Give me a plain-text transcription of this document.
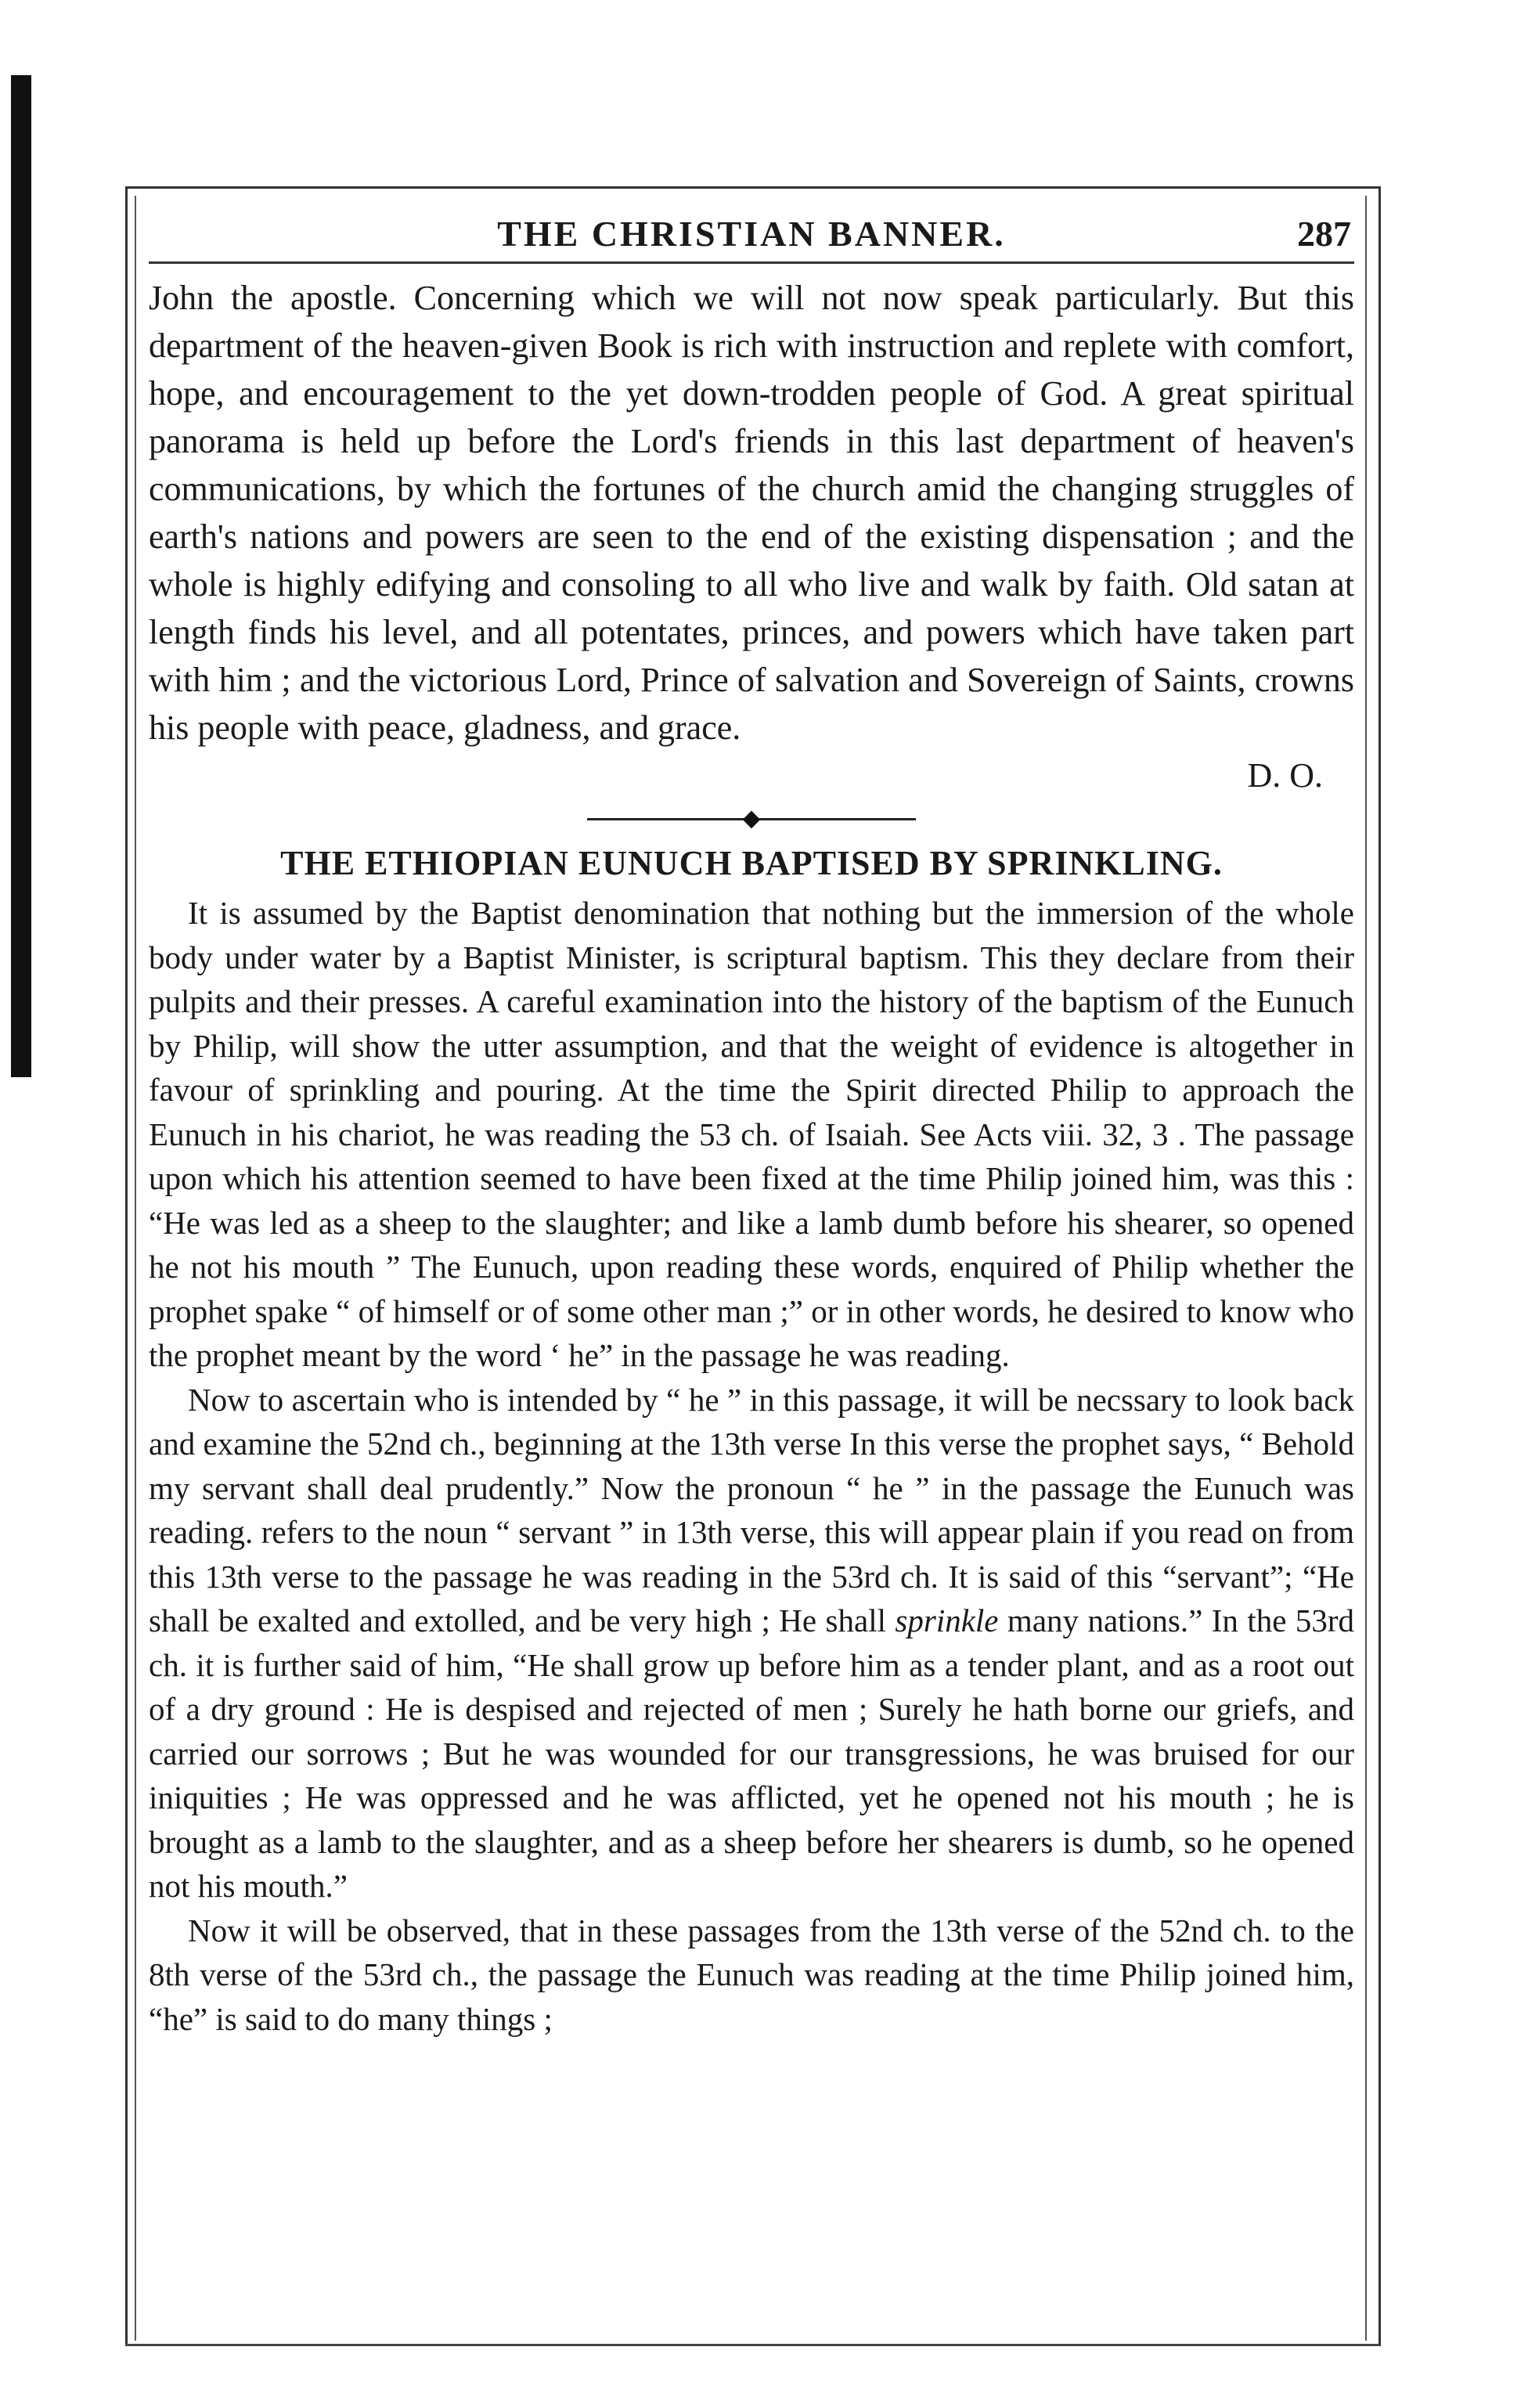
THE CHRISTIAN BANNER.	287

John the apostle. Concerning which we will not now speak particularly. But this department of the heaven-given Book is rich with instruction and replete with comfort, hope, and encouragement to the yet down-trodden people of God. A great spiritual panorama is held up before the Lord's friends in this last department of heaven's communications, by which the fortunes of the church amid the changing struggles of earth's nations and powers are seen to the end of the existing dispensation ; and the whole is highly edifying and consoling to all who live and walk by faith. Old satan at length finds his level, and all potentates, princes, and powers which have taken part with him ; and the victorious Lord, Prince of salvation and Sovereign of Saints, crowns his people with peace, gladness, and grace.

D. O.

THE ETHIOPIAN EUNUCH BAPTISED BY SPRINKLING.

It is assumed by the Baptist denomination that nothing but the immersion of the whole body under water by a Baptist Minister, is scriptural baptism. This they declare from their pulpits and their presses. A careful examination into the history of the baptism of the Eunuch by Philip, will show the utter assumption, and that the weight of evidence is altogether in favour of sprinkling and pouring. At the time the Spirit directed Philip to approach the Eunuch in his chariot, he was reading the 53 ch. of Isaiah. See Acts viii. 32, 3 . The passage upon which his attention seemed to have been fixed at the time Philip joined him, was this : “He was led as a sheep to the slaughter; and like a lamb dumb before his shearer, so opened he not his mouth ” The Eunuch, upon reading these words, enquired of Philip whether the prophet spake “ of himself or of some other man ;” or in other words, he desired to know who the prophet meant by the word ‘ he” in the passage he was reading.

Now to ascertain who is intended by “ he ” in this passage, it will be necssary to look back and examine the 52nd ch., beginning at the 13th verse In this verse the prophet says, “ Behold my servant shall deal prudently.” Now the pronoun “ he ” in the passage the Eunuch was reading. refers to the noun “ servant ” in 13th verse, this will appear plain if you read on from this 13th verse to the passage he was reading in the 53rd ch. It is said of this “servant”; “He shall be exalted and extolled, and be very high ; He shall sprinkle many nations.” In the 53rd ch. it is further said of him, “He shall grow up before him as a tender plant, and as a root out of a dry ground : He is despised and rejected of men ; Surely he hath borne our griefs, and carried our sorrows ; But he was wounded for our transgressions, he was bruised for our iniquities ; He was oppressed and he was afflicted, yet he opened not his mouth ; he is brought as a lamb to the slaughter, and as a sheep before her shearers is dumb, so he opened not his mouth.”

Now it will be observed, that in these passages from the 13th verse of the 52nd ch. to the 8th verse of the 53rd ch., the passage the Eunuch was reading at the time Philip joined him, “he” is said to do many things ;
